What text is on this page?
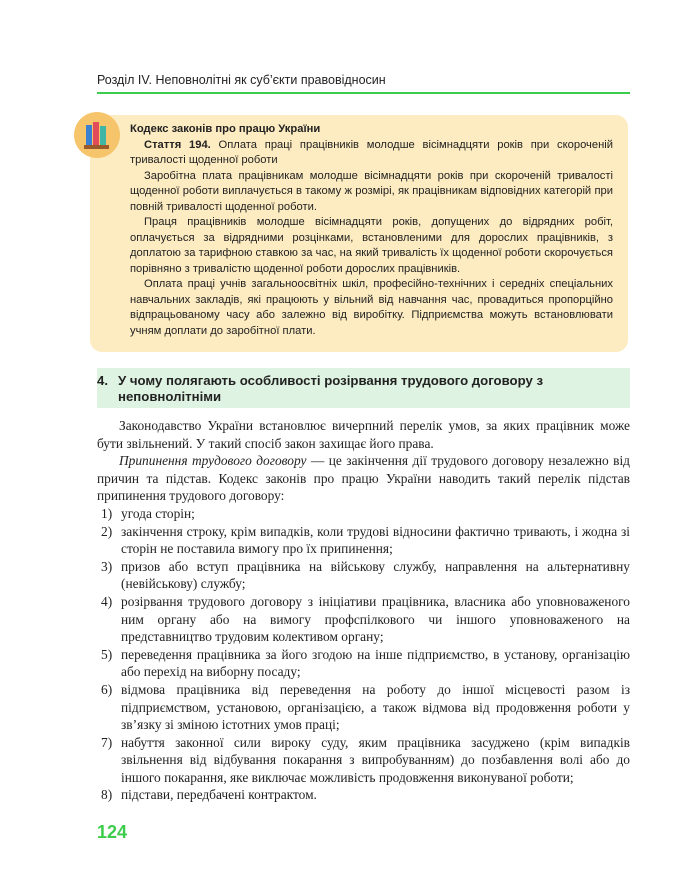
Розділ IV. Неповнолітні як суб’єкти правовідносин

Кодекс законів про працю України

Стаття 194. Оплата праці працівників молодше вісімнадцяти років при скороченій тривалості щоденної роботи

Заробітна плата працівникам молодше вісімнадцяти років при скороченій тривалості щоденної роботи виплачується в такому ж розмірі, як працівникам відповідних категорій при повній тривалості щоденної роботи.

Праця працівників молодше вісімнадцяти років, допущених до відрядних робіт, оплачується за відрядними розцінками, встановленими для дорослих працівників, з доплатою за тарифною ставкою за час, на який тривалість їх щоденної роботи скорочується порівняно з тривалістю щоденної роботи дорослих працівників.

Оплата праці учнів загальноосвітніх шкіл, професійно-технічних і середніх спеціальних навчальних закладів, які працюють у вільний від навчання час, провадиться пропорційно відпрацьованому часу або залежно від виробітку. Підприємства можуть встановлювати учням доплати до заробітної плати.

4. У чому полягають особливості розірвання трудового договору з неповнолітніми

Законодавство України встановлює вичерпний перелік умов, за яких працівник може бути звільнений. У такий спосіб закон захищає його права.

Припинення трудового договору — це закінчення дії трудового договору незалежно від причин та підстав. Кодекс законів про працю України наводить такий перелік підстав припинення трудового договору:

1) угода сторін;
2) закінчення строку, крім випадків, коли трудові відносини фактично тривають, і жодна зі сторін не поставила вимогу про їх припинення;
3) призов або вступ працівника на військову службу, направлення на альтернативну (невійськову) службу;
4) розірвання трудового договору з ініціативи працівника, власника або уповноваженого ним органу або на вимогу профспілкового чи іншого уповноваженого на представництво трудовим колективом органу;
5) переведення працівника за його згодою на інше підприємство, в установу, організацію або перехід на виборну посаду;
6) відмова працівника від переведення на роботу до іншої місцевості разом із підприємством, установою, організацією, а також відмова від продовження роботи у зв’язку зі зміною істотних умов праці;
7) набуття законної сили вироку суду, яким працівника засуджено (крім випадків звільнення від відбування покарання з випробуванням) до позбавлення волі або до іншого покарання, яке виключає можливість продовження виконуваної роботи;
8) підстави, передбачені контрактом.
124
